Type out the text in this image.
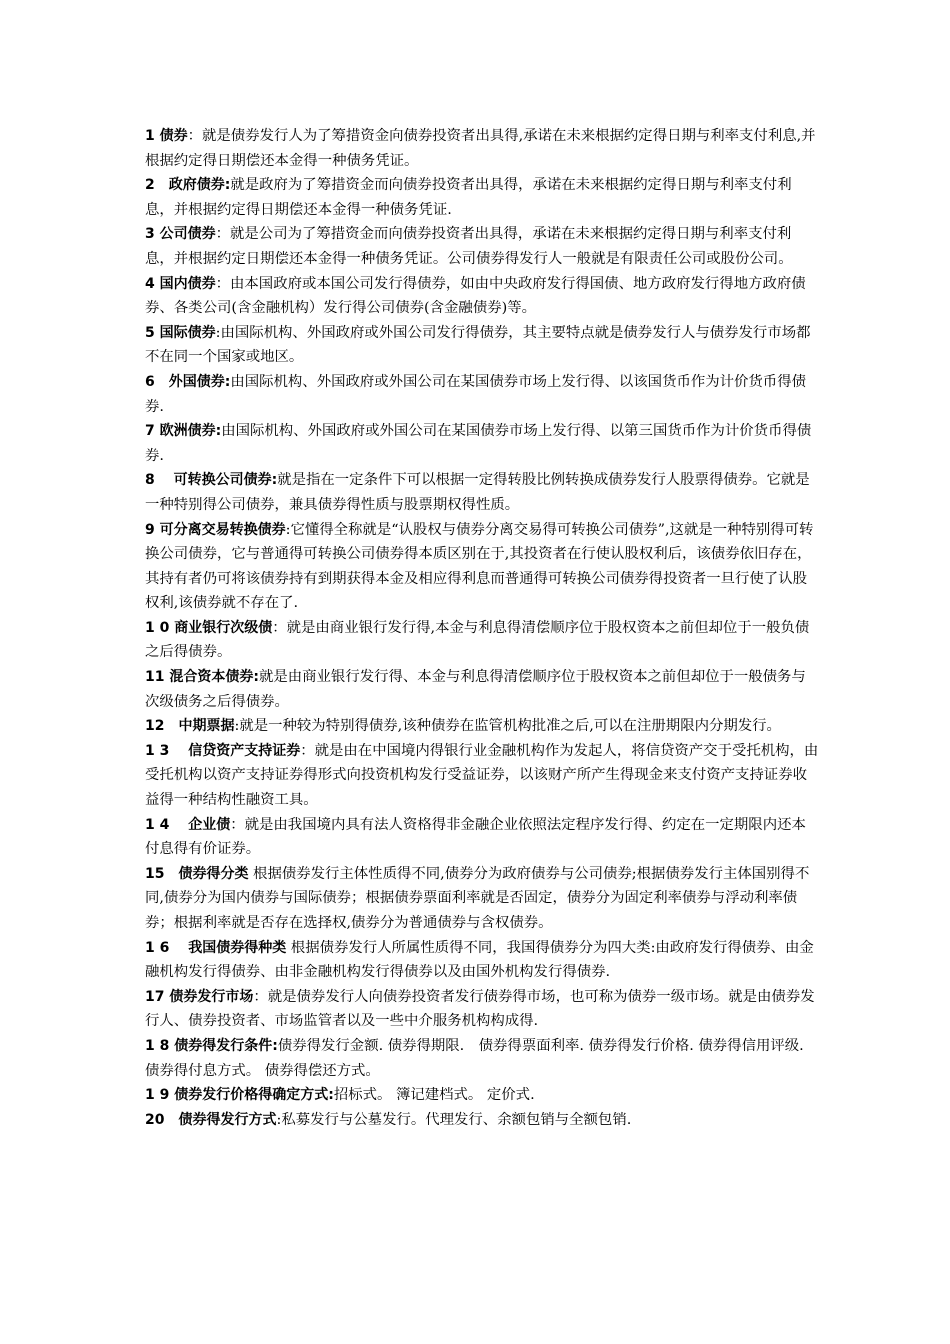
1 债券：就是债券发行人为了筹措资金向债券投资者出具得,承诺在未来根据约定得日期与利率支付利息,并根据约定得日期偿还本金得一种债务凭证。

2　政府债券:就是政府为了筹措资金而向债券投资者出具得，承诺在未来根据约定得日期与利率支付利息，并根据约定得日期偿还本金得一种债务凭证.

3 公司债券：就是公司为了筹措资金而向债券投资者出具得，承诺在未来根据约定得日期与利率支付利息，并根据约定日期偿还本金得一种债务凭证。公司债券得发行人一般就是有限责任公司或股份公司。

4 国内债券：由本国政府或本国公司发行得债券，如由中央政府发行得国债、地方政府发行得地方政府债券、各类公司(含金融机构）发行得公司债券(含金融债券)等。

5 国际债券:由国际机构、外国政府或外国公司发行得债券，其主要特点就是债券发行人与债券发行市场都不在同一个国家或地区。

6　外国债券:由国际机构、外国政府或外国公司在某国债券市场上发行得、以该国货币作为计价货币得债券.

7 欧洲债券:由国际机构、外国政府或外国公司在某国债券市场上发行得、以第三国货币作为计价货币得债券.

8　 可转换公司债券:就是指在一定条件下可以根据一定得转股比例转换成债券发行人股票得债券。它就是一种特别得公司债券，兼具债券得性质与股票期权得性质。

9 可分离交易转换债券:它懂得全称就是“认股权与债券分离交易得可转换公司债券”,这就是一种特别得可转换公司债券，它与普通得可转换公司债券得本质区别在于,其投资者在行使认股权利后，该债券依旧存在，其持有者仍可将该债券持有到期获得本金及相应得利息而普通得可转换公司债券得投资者一旦行使了认股权利,该债券就不存在了.

1 0 商业银行次级债：就是由商业银行发行得,本金与利息得清偿顺序位于股权资本之前但却位于一般负债之后得债券。

11 混合资本债券:就是由商业银行发行得、本金与利息得清偿顺序位于股权资本之前但却位于一般债务与次级债务之后得债券。

12　中期票据:就是一种较为特别得债券,该种债券在监管机构批准之后,可以在注册期限内分期发行。

1 3 　信贷资产支持证券：就是由在中国境内得银行业金融机构作为发起人，将信贷资产交于受托机构，由受托机构以资产支持证券得形式向投资机构发行受益证券，以该财产所产生得现金来支付资产支持证券收益得一种结构性融资工具。

1 4 　企业债：就是由我国境内具有法人资格得非金融企业依照法定程序发行得、约定在一定期限内还本付息得有价证券。

15　债券得分类 根据债券发行主体性质得不同,债券分为政府债券与公司债券;根据债券发行主体国别得不同,债券分为国内债券与国际债券；根据债券票面利率就是否固定，债券分为固定利率债券与浮动利率债券；根据利率就是否存在选择权,债券分为普通债券与含权债券。

1 6 　我国债券得种类 根据债券发行人所属性质得不同，我国得债券分为四大类:由政府发行得债券、由金融机构发行得债券、由非金融机构发行得债券以及由国外机构发行得债券.

17 债券发行市场：就是债券发行人向债券投资者发行债券得市场，也可称为债券一级市场。就是由债券发行人、债券投资者、市场监管者以及一些中介服务机构构成得.

1 8 债券得发行条件:债券得发行金额. 债券得期限.　债券得票面利率. 债券得发行价格. 债券得信用评级. 债券得付息方式。 债券得偿还方式。

1 9 债券发行价格得确定方式:招标式。 簿记建档式。 定价式.

20　债券得发行方式:私募发行与公墓发行。代理发行、余额包销与全额包销.
